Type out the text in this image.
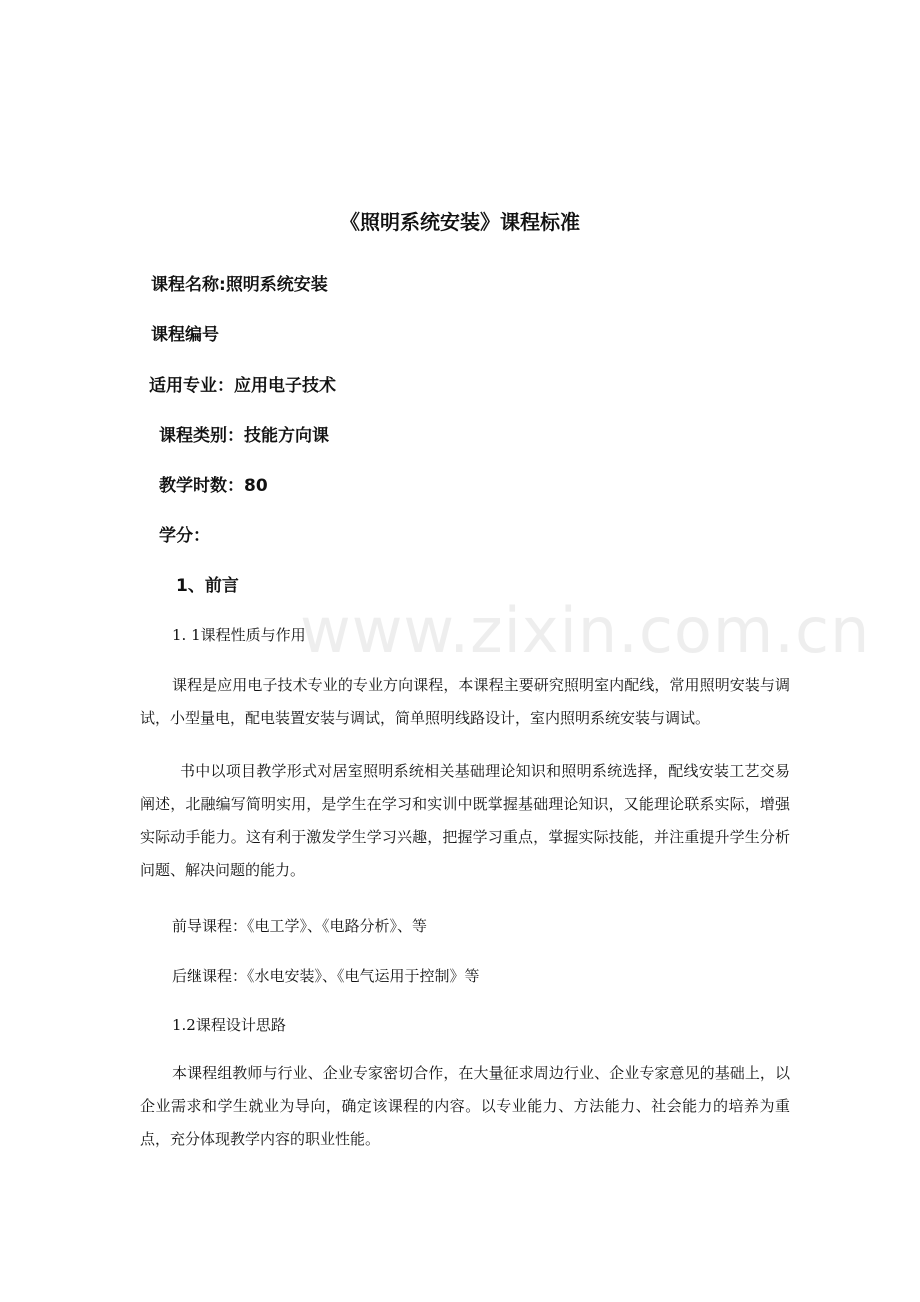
www.zixin.com.cn
《照明系统安装》课程标准

课程名称:照明系统安装

课程编号

适用专业：应用电子技术

课程类别：技能方向课

教学时数：80

学分：

1、前言

1. 1课程性质与作用

课程是应用电子技术专业的专业方向课程，本课程主要研究照明室内配线，常用照明安装与调试，小型量电，配电装置安装与调试，简单照明线路设计，室内照明系统安装与调试。

书中以项目教学形式对居室照明系统相关基础理论知识和照明系统选择，配线安装工艺交易阐述，北融编写简明实用，是学生在学习和实训中既掌握基础理论知识，又能理论联系实际，增强实际动手能力。这有利于激发学生学习兴趣，把握学习重点，掌握实际技能，并注重提升学生分析问题、解决问题的能力。

前导课程：《电工学》、《电路分析》、等

后继课程：《水电安装》、《电气运用于控制》等

1.2课程设计思路

本课程组教师与行业、企业专家密切合作，在大量征求周边行业、企业专家意见的基础上，以企业需求和学生就业为导向，确定该课程的内容。以专业能力、方法能力、社会能力的培养为重点，充分体现教学内容的职业性能。
